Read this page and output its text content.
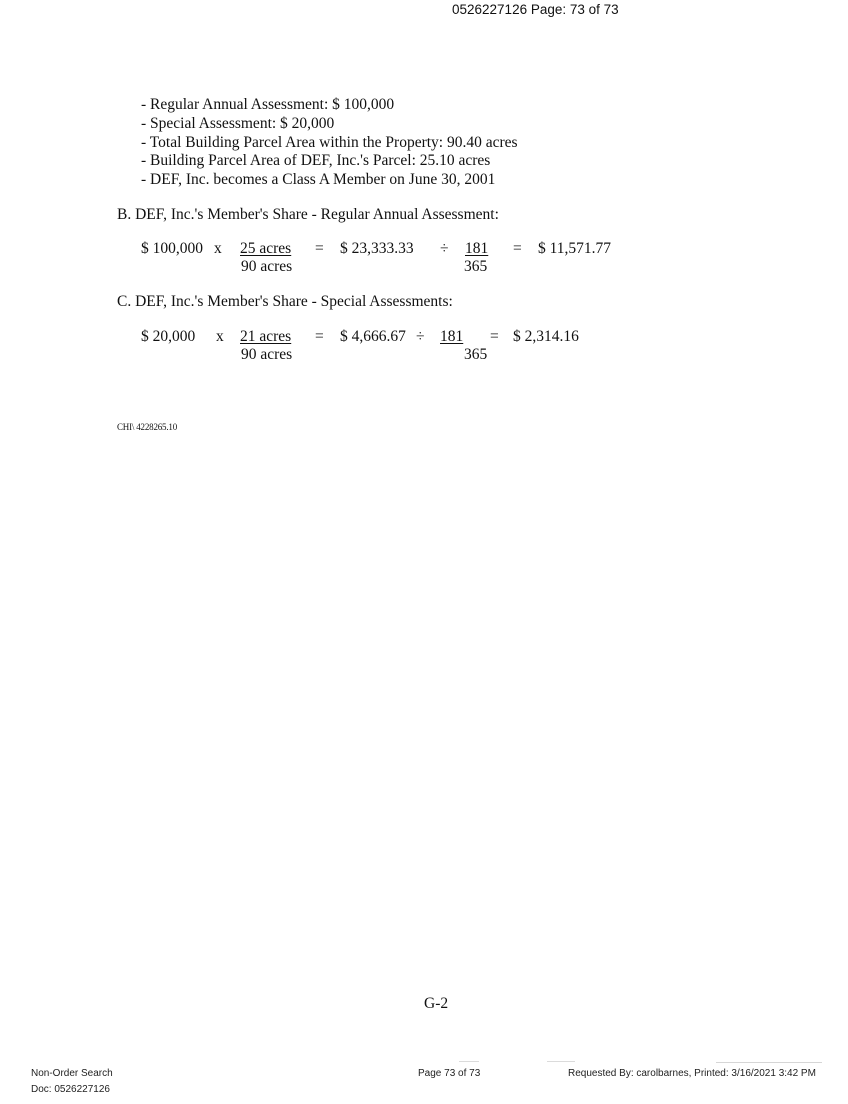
0526227126 Page: 73 of 73
- Regular Annual Assessment: $ 100,000
- Special Assessment: $ 20,000
- Total Building Parcel Area within the Property: 90.40 acres
- Building Parcel Area of DEF, Inc.'s Parcel: 25.10 acres
- DEF, Inc. becomes a Class A Member on June 30, 2001
B. DEF, Inc.'s Member's Share - Regular Annual Assessment:
$ 100,000 x 25 acres
90 acres
= $ 23,333.33 ÷ 181
365
= $ 11,571.77
C. DEF, Inc.'s Member's Share - Special Assessments:
$ 20,000 x 21 acres
90 acres
= $ 4,666.67 ÷ 181
365
= $ 2,314.16
CHI\ 4228265.10
G-2
Non-Order Search
Doc: 0526227126
Page 73 of 73	Requested By: carolbarnes, Printed: 3/16/2021 3:42 PM
